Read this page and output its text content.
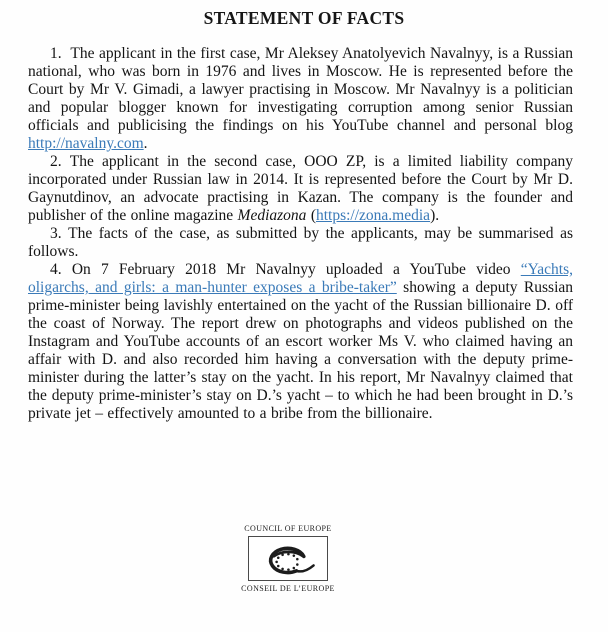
STATEMENT OF FACTS

1.  The applicant in the first case, Mr Aleksey Anatolyevich Navalnyy, is a Russian national, who was born in 1976 and lives in Moscow. He is represented before the Court by Mr V. Gimadi, a lawyer practising in Moscow. Mr Navalnyy is a politician and popular blogger known for investigating corruption among senior Russian officials and publicising the findings on his YouTube channel and personal blog http://navalny.com.

2. The applicant in the second case, OOO ZP, is a limited liability company incorporated under Russian law in 2014. It is represented before the Court by Mr D. Gaynutdinov, an advocate practising in Kazan. The company is the founder and publisher of the online magazine Mediazona (https://zona.media).

3. The facts of the case, as submitted by the applicants, may be summarised as follows.

4. On 7 February 2018 Mr Navalnyy uploaded a YouTube video “Yachts, oligarchs, and girls: a man-hunter exposes a bribe-taker” showing a deputy Russian prime-minister being lavishly entertained on the yacht of the Russian billionaire D. off the coast of Norway. The report drew on photographs and videos published on the Instagram and YouTube accounts of an escort worker Ms V. who claimed having an affair with D. and also recorded him having a conversation with the deputy prime-minister during the latter’s stay on the yacht. In his report, Mr Navalnyy claimed that the deputy prime-minister’s stay on D.’s yacht – to which he had been brought in D.’s private jet – effectively amounted to a bribe from the billionaire.

COUNCIL OF EUROPE
CONSEIL DE L’EUROPE
